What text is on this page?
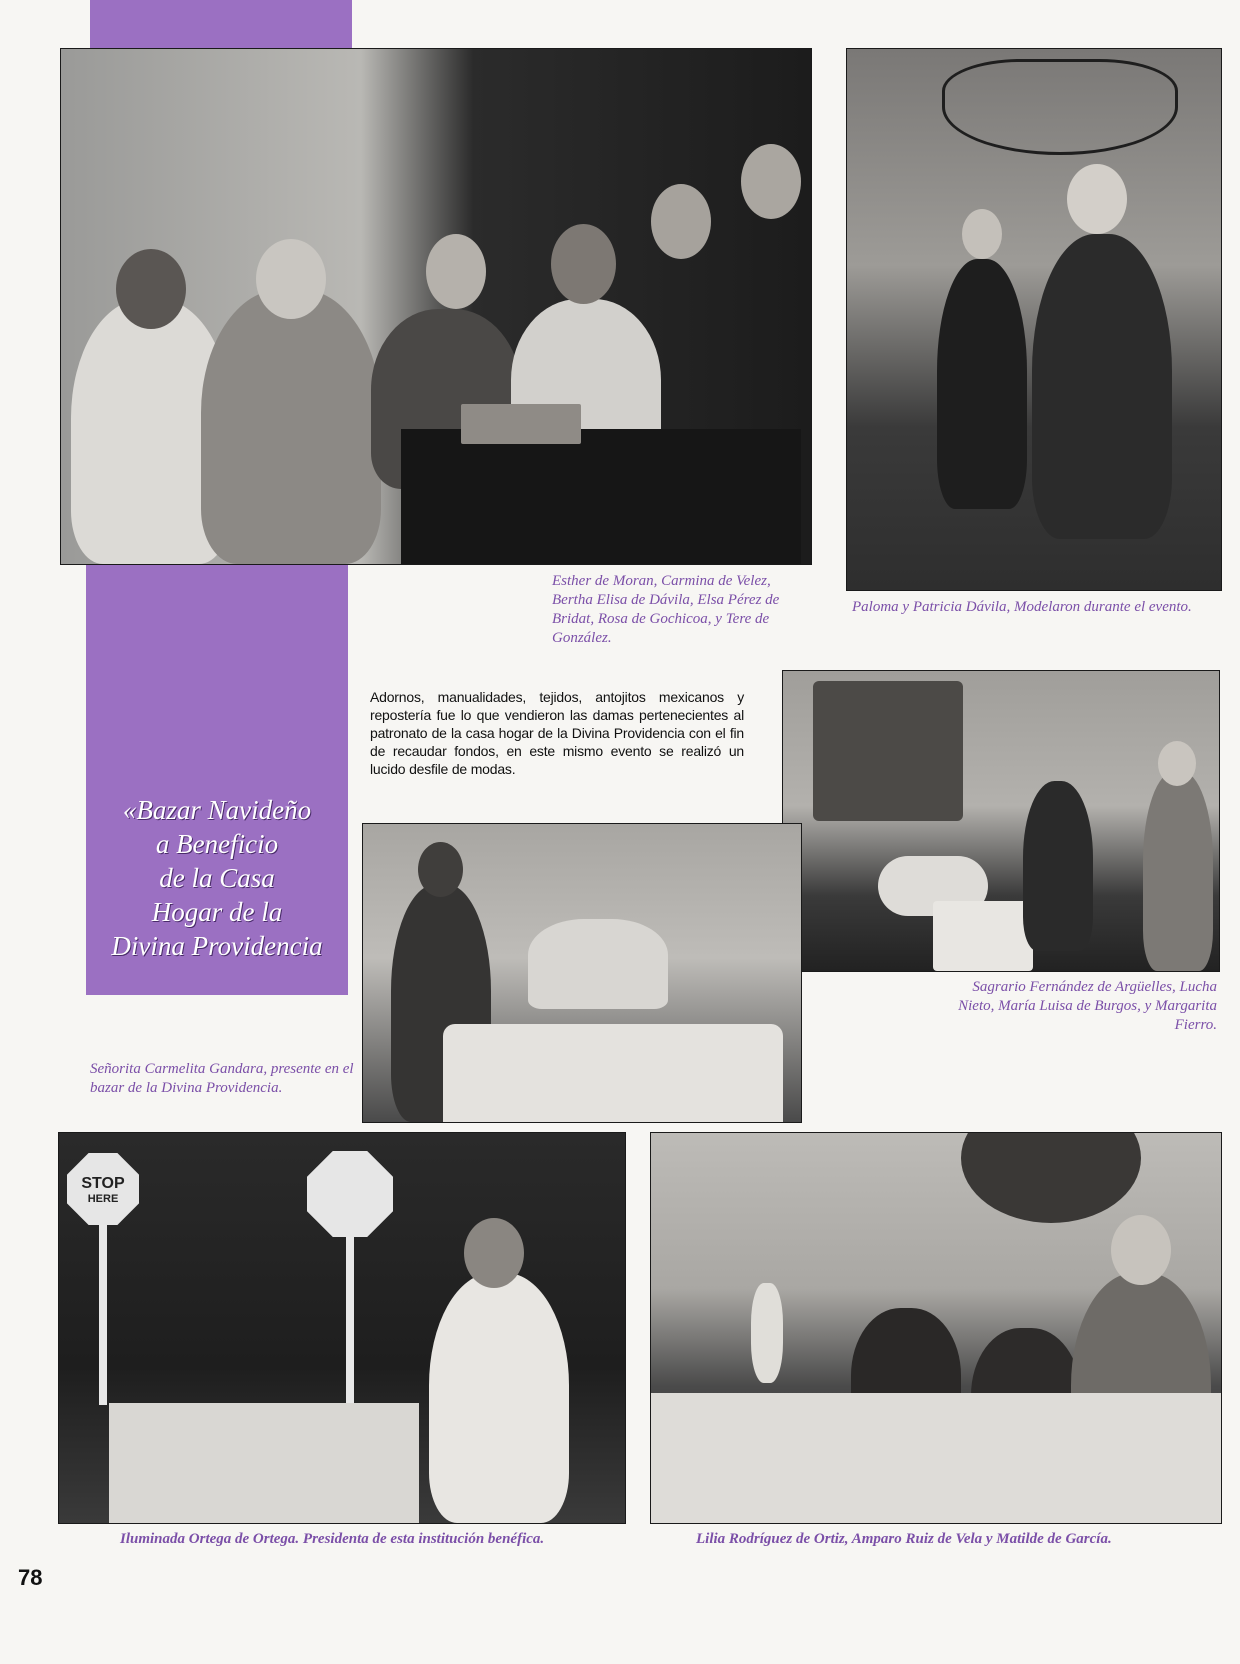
Esther de Moran, Carmina de Velez, Bertha Elisa de Dávila, Elsa Pérez de Bridat, Rosa de Gochicoa, y Tere de González.
Paloma y Patricia Dávila, Modelaron durante el evento.
«Bazar Navideño
a Beneficio
de la Casa
Hogar de la
Divina Providencia
Adornos, manualidades, tejidos, antojitos mexicanos y repostería fue lo que vendieron las damas pertenecientes al patronato de la casa hogar de la Divina Providencia con el fin de recaudar fondos, en este mismo evento se realizó un lucido desfile de modas.
Sagrario Fernández de Argüelles, Lucha Nieto, María Luisa de Burgos, y Margarita Fierro.
Señorita Carmelita Gandara, presente en el bazar de la Divina Providencia.
STOP
HERE
Iluminada Ortega de Ortega. Presidenta de esta institución benéfica.	Lilia Rodríguez de Ortiz, Amparo Ruiz de Vela y Matilde de García.
78
